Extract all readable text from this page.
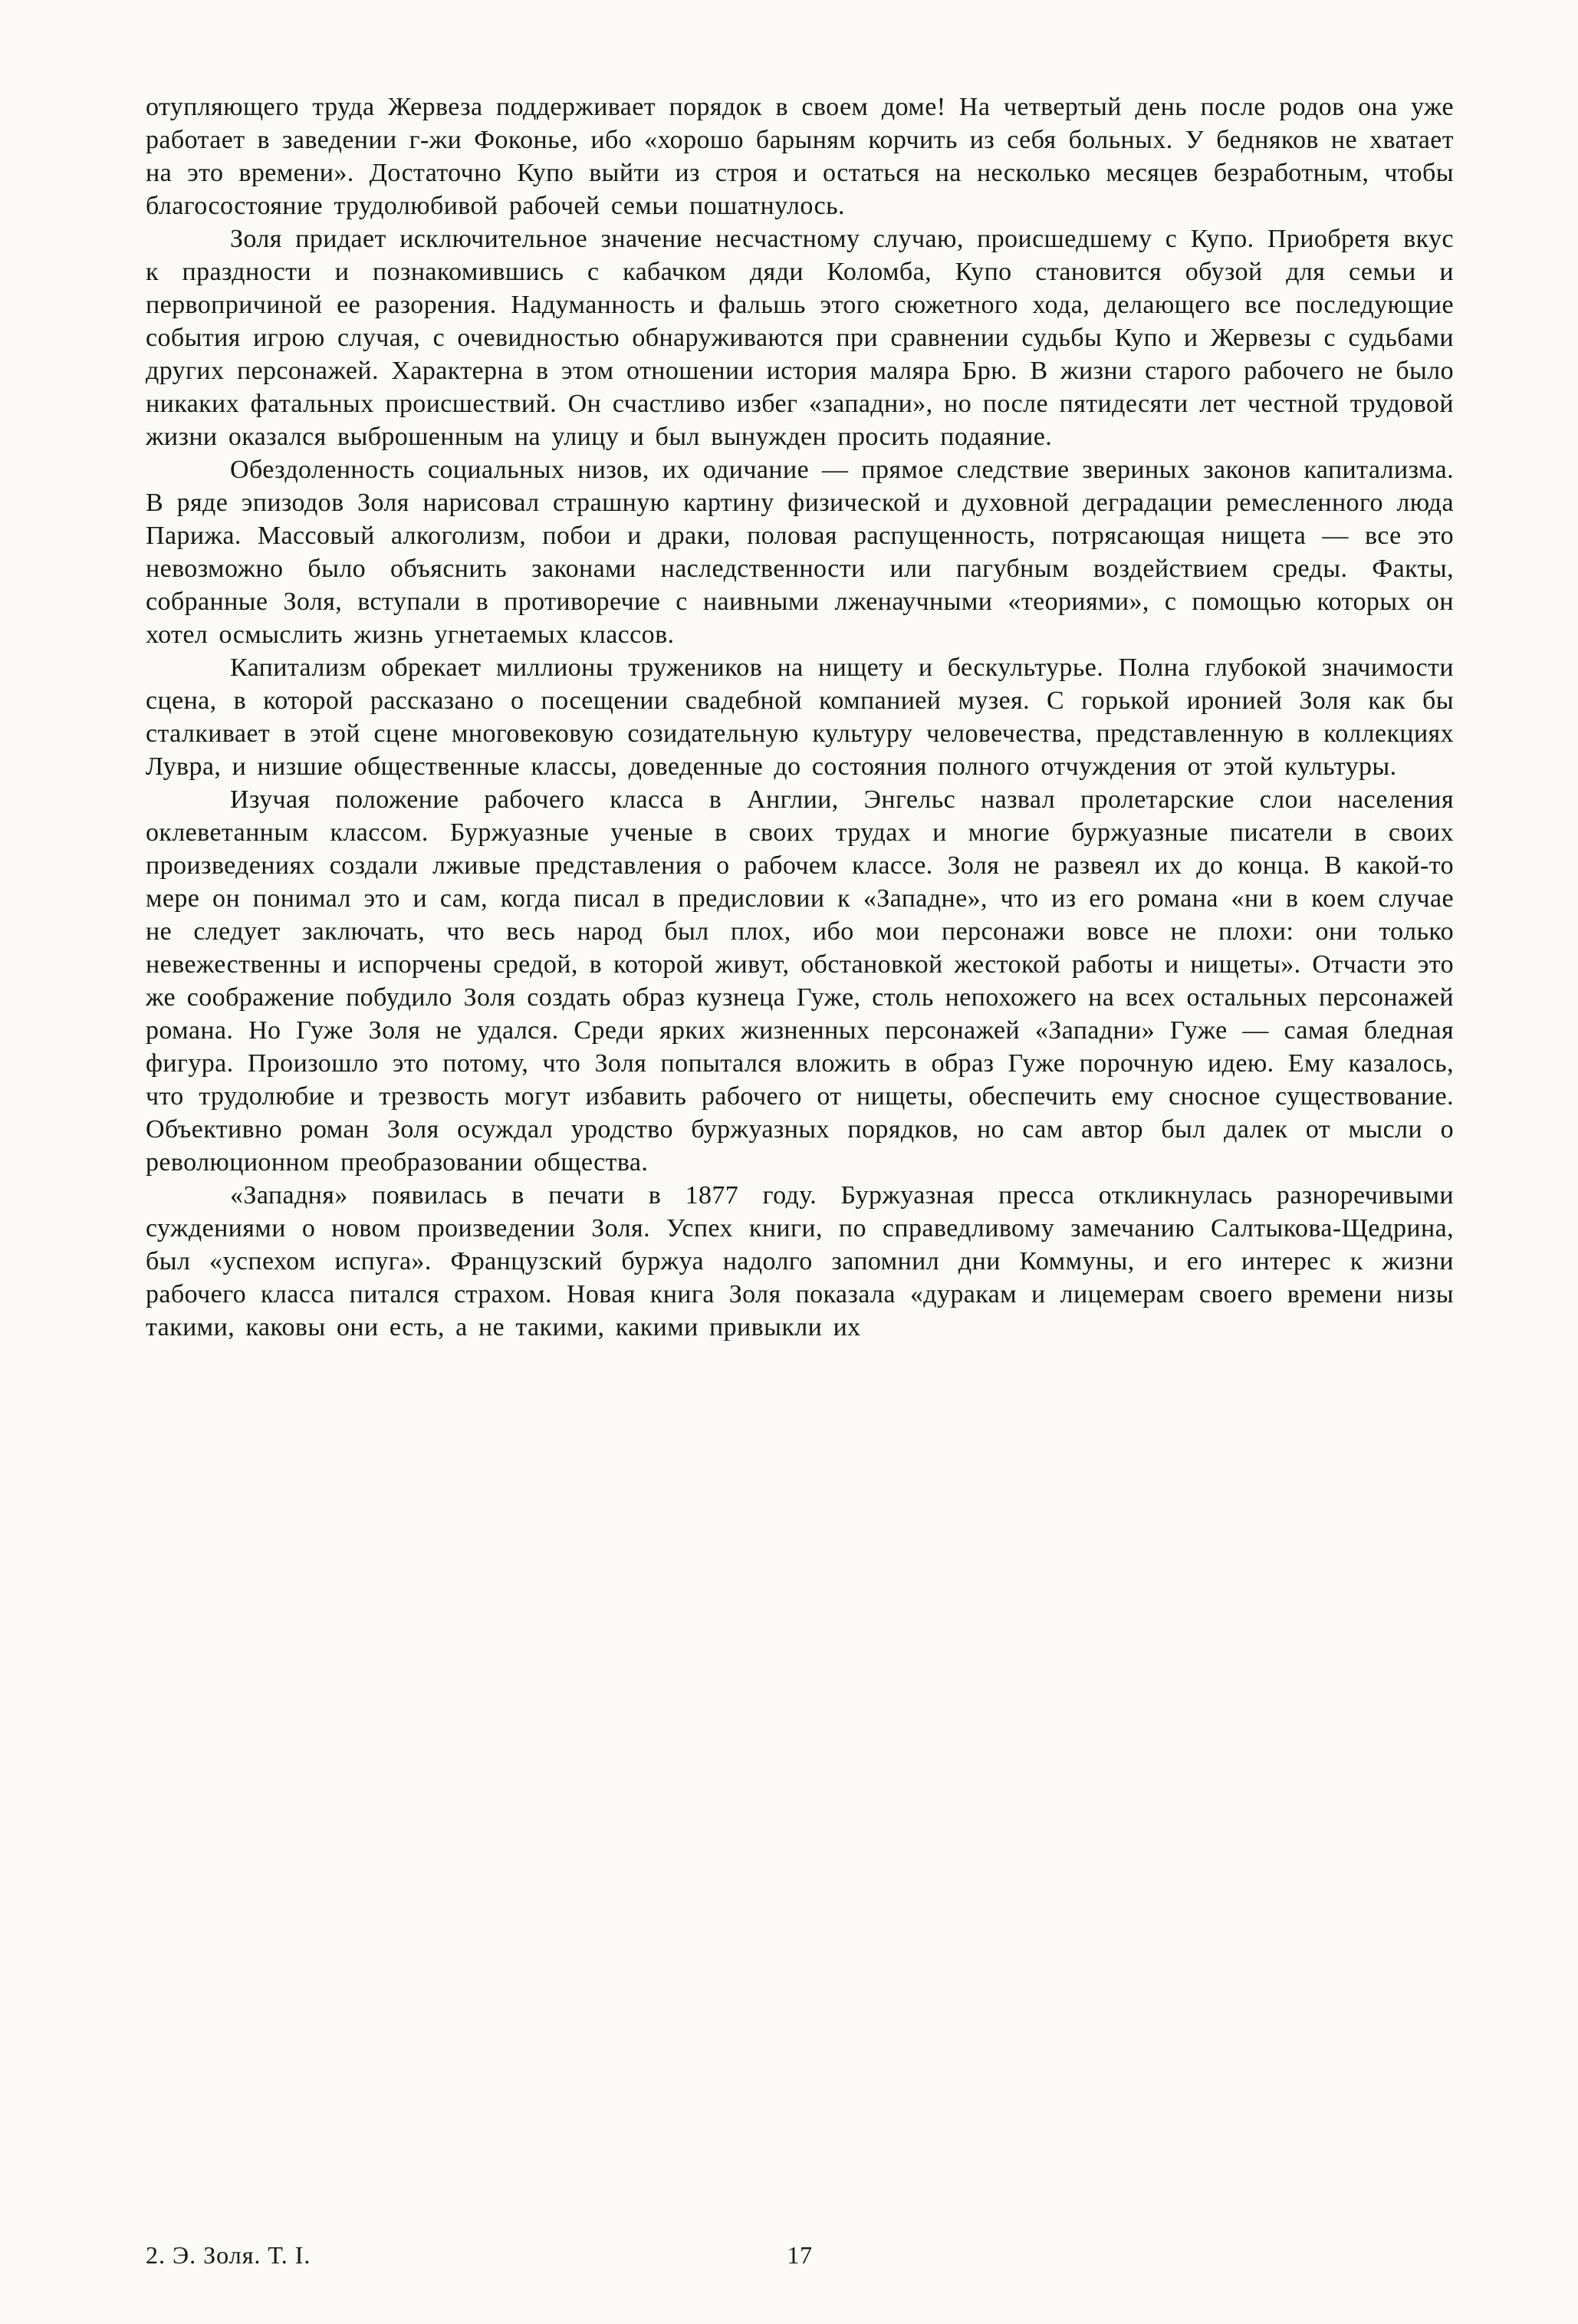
отупляющего труда Жервеза поддерживает порядок в своем доме! На четвертый день после родов она уже работает в заведении г-жи Фоконье, ибо «хорошо барыням корчить из себя больных. У бедняков не хватает на это времени». Достаточно Купо выйти из строя и остаться на несколько месяцев безработным, чтобы благосостояние трудолюбивой рабочей семьи пошатнулось.

Золя придает исключительное значение несчастному случаю, происшедшему с Купо. Приобретя вкус к праздности и познакомившись с кабачком дяди Коломба, Купо становится обузой для семьи и первопричиной ее разорения. Надуманность и фальшь этого сюжетного хода, делающего все последующие события игрою случая, с очевидностью обнаруживаются при сравнении судьбы Купо и Жервезы с судьбами других персонажей. Характерна в этом отношении история маляра Брю. В жизни старого рабочего не было никаких фатальных происшествий. Он счастливо избег «западни», но после пятидесяти лет честной трудовой жизни оказался выброшенным на улицу и был вынужден просить подаяние.

Обездоленность социальных низов, их одичание — прямое следствие звериных законов капитализма. В ряде эпизодов Золя нарисовал страшную картину физической и духовной деградации ремесленного люда Парижа. Массовый алкоголизм, побои и драки, половая распущенность, потрясающая нищета — все это невозможно было объяснить законами наследственности или пагубным воздействием среды. Факты, собранные Золя, вступали в противоречие с наивными лженаучными «теориями», с помощью которых он хотел осмыслить жизнь угнетаемых классов.

Капитализм обрекает миллионы тружеников на нищету и бескультурье. Полна глубокой значимости сцена, в которой рассказано о посещении свадебной компанией музея. С горькой иронией Золя как бы сталкивает в этой сцене многовековую созидательную культуру человечества, представленную в коллекциях Лувра, и низшие общественные классы, доведенные до состояния полного отчуждения от этой культуры.

Изучая положение рабочего класса в Англии, Энгельс назвал пролетарские слои населения оклеветанным классом. Буржуазные ученые в своих трудах и многие буржуазные писатели в своих произведениях создали лживые представления о рабочем классе. Золя не развеял их до конца. В какой-то мере он понимал это и сам, когда писал в предисловии к «Западне», что из его романа «ни в коем случае не следует заключать, что весь народ был плох, ибо мои персонажи вовсе не плохи: они только невежественны и испорчены средой, в которой живут, обстановкой жестокой работы и нищеты». Отчасти это же соображение побудило Золя создать образ кузнеца Гуже, столь непохожего на всех остальных персонажей романа. Но Гуже Золя не удался. Среди ярких жизненных персонажей «Западни» Гуже — самая бледная фигура. Произошло это потому, что Золя попытался вложить в образ Гуже порочную идею. Ему казалось, что трудолюбие и трезвость могут избавить рабочего от нищеты, обеспечить ему сносное существование. Объективно роман Золя осуждал уродство буржуазных порядков, но сам автор был далек от мысли о революционном преобразовании общества.

«Западня» появилась в печати в 1877 году. Буржуазная пресса откликнулась разноречивыми суждениями о новом произведении Золя. Успех книги, по справедливому замечанию Салтыкова-Щедрина, был «успехом испуга». Французский буржуа надолго запомнил дни Коммуны, и его интерес к жизни рабочего класса питался страхом. Новая книга Золя показала «дуракам и лицемерам своего времени низы такими, каковы они есть, а не такими, какими привыкли их

2. Э. Золя. Т. I.	17
